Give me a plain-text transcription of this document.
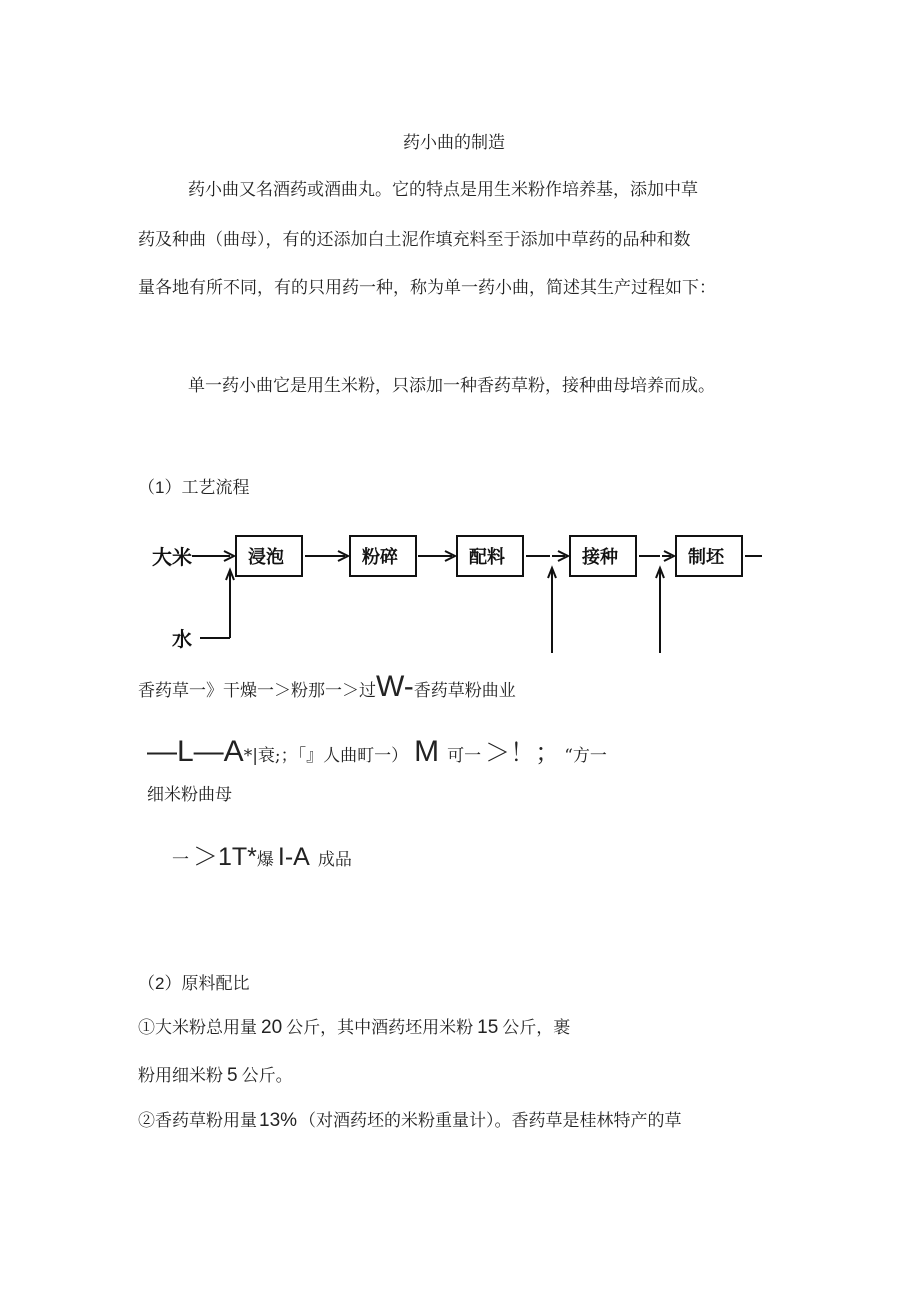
药小曲的制造
药小曲又名酒药或酒曲丸。它的特点是用生米粉作培养基，添加中草
药及种曲（曲母），有的还添加白土泥作填充料至于添加中草药的品种和数
量各地有所不同，有的只用药一种，称为单一药小曲，简述其生产过程如下：
单一药小曲它是用生米粉，只添加一种香药草粉，接种曲母培养而成。
（1）工艺流程
大米
水
浸泡	粉碎	配料	接种	制坯
香药草一》干燥一＞粉那一＞过W-香药草粉曲业
—L—A*|衰;；「』人曲町一） M 可一 ＞！； “方一
细米粉曲母
一 ＞1T*爆 I-A 成品
（2）原料配比
①大米粉总用量 20 公斤，其中酒药坯用米粉 15 公斤，裹
粉用细米粉 5 公斤。
②香药草粉用量 13% （对酒药坯的米粉重量计）。香药草是桂林特产的草
